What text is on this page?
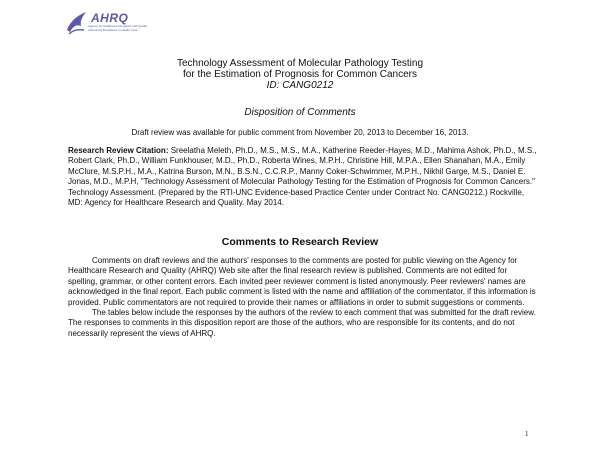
AHRQ
Agency for Healthcare Research and Quality Advancing Excellence in Health Care
Technology Assessment of Molecular Pathology Testing
for the Estimation of Prognosis for Common Cancers
ID: CANG0212
Disposition of Comments
Draft review was available for public comment from November 20, 2013 to December 16, 2013.
Research Review Citation: Sreelatha Meleth, Ph.D., M.S., M.S., M.A., Katherine Reeder-Hayes, M.D., Mahima Ashok, Ph.D., M.S., Robert Clark, Ph.D., William Funkhouser, M.D., Ph.D., Roberta Wines, M.P.H., Christine Hill, M.P.A., Ellen Shanahan, M.A., Emily McClure, M.S.P.H., M.A., Katrina Burson, M.N., B.S.N., C.C.R.P., Manny Coker-Schwimmer, M.P.H., Nikhil Garge, M.S., Daniel E. Jonas, M.D., M.P.H, "Technology Assessment of Molecular Pathology Testing for the Estimation of Prognosis for Common Cancers." Technology Assessment. (Prepared by the RTI-UNC Evidence-based Practice Center under Contract No. CANG0212.) Rockville, MD: Agency for Healthcare Research and Quality. May 2014.
Comments to Research Review

Comments on draft reviews and the authors' responses to the comments are posted for public viewing on the Agency for Healthcare Research and Quality (AHRQ) Web site after the final research review is published. Comments are not edited for spelling, grammar, or other content errors. Each invited peer reviewer comment is listed anonymously. Peer reviewers' names are acknowledged in the final report. Each public comment is listed with the name and affiliation of the commentator, if this information is provided. Public commentators are not required to provide their names or affiliations in order to submit suggestions or comments.

The tables below include the responses by the authors of the review to each comment that was submitted for the draft review. The responses to comments in this disposition report are those of the authors, who are responsible for its contents, and do not necessarily represent the views of AHRQ.

1
